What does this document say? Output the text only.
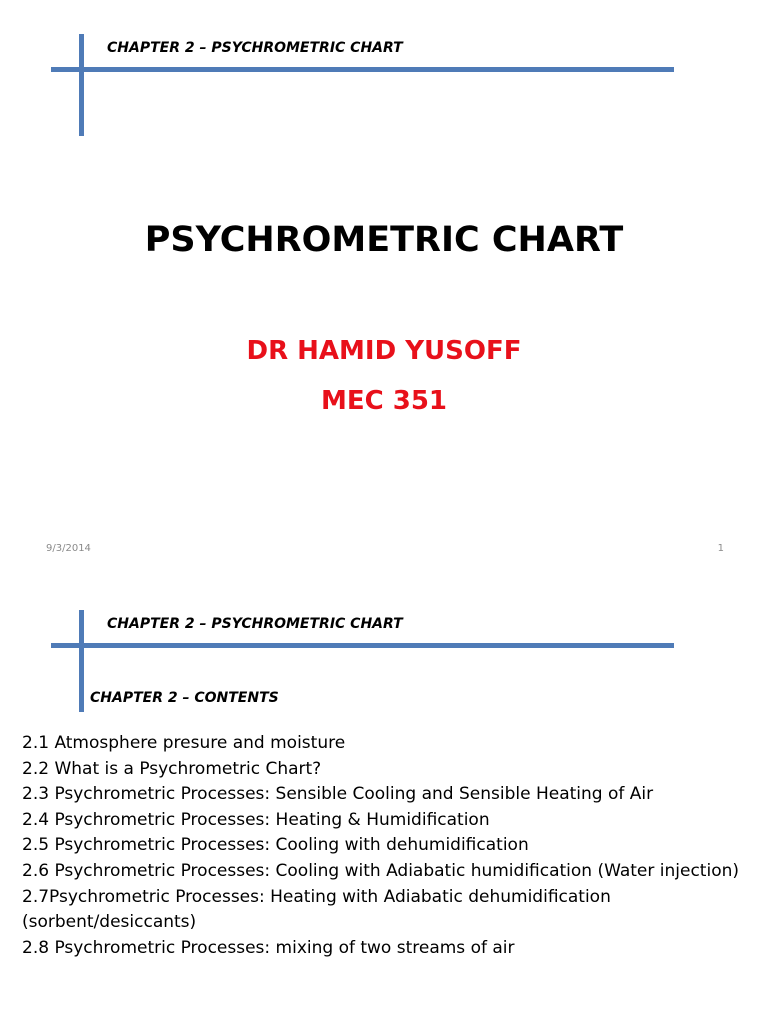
CHAPTER 2 – PSYCHROMETRIC CHART
PSYCHROMETRIC CHART
DR HAMID YUSOFF
MEC 351
9/3/2014	1
CHAPTER 2 – PSYCHROMETRIC CHART
CHAPTER 2 – CONTENTS
2.1 Atmosphere presure and moisture
2.2 What is a Psychrometric Chart?
2.3 Psychrometric Processes: Sensible Cooling and Sensible Heating of Air
2.4 Psychrometric Processes: Heating & Humidification
2.5 Psychrometric Processes: Cooling with dehumidification
2.6 Psychrometric Processes: Cooling with Adiabatic humidification (Water injection)
2.7Psychrometric Processes: Heating with Adiabatic dehumidification (sorbent/desiccants)
2.8 Psychrometric Processes: mixing of two streams of air
